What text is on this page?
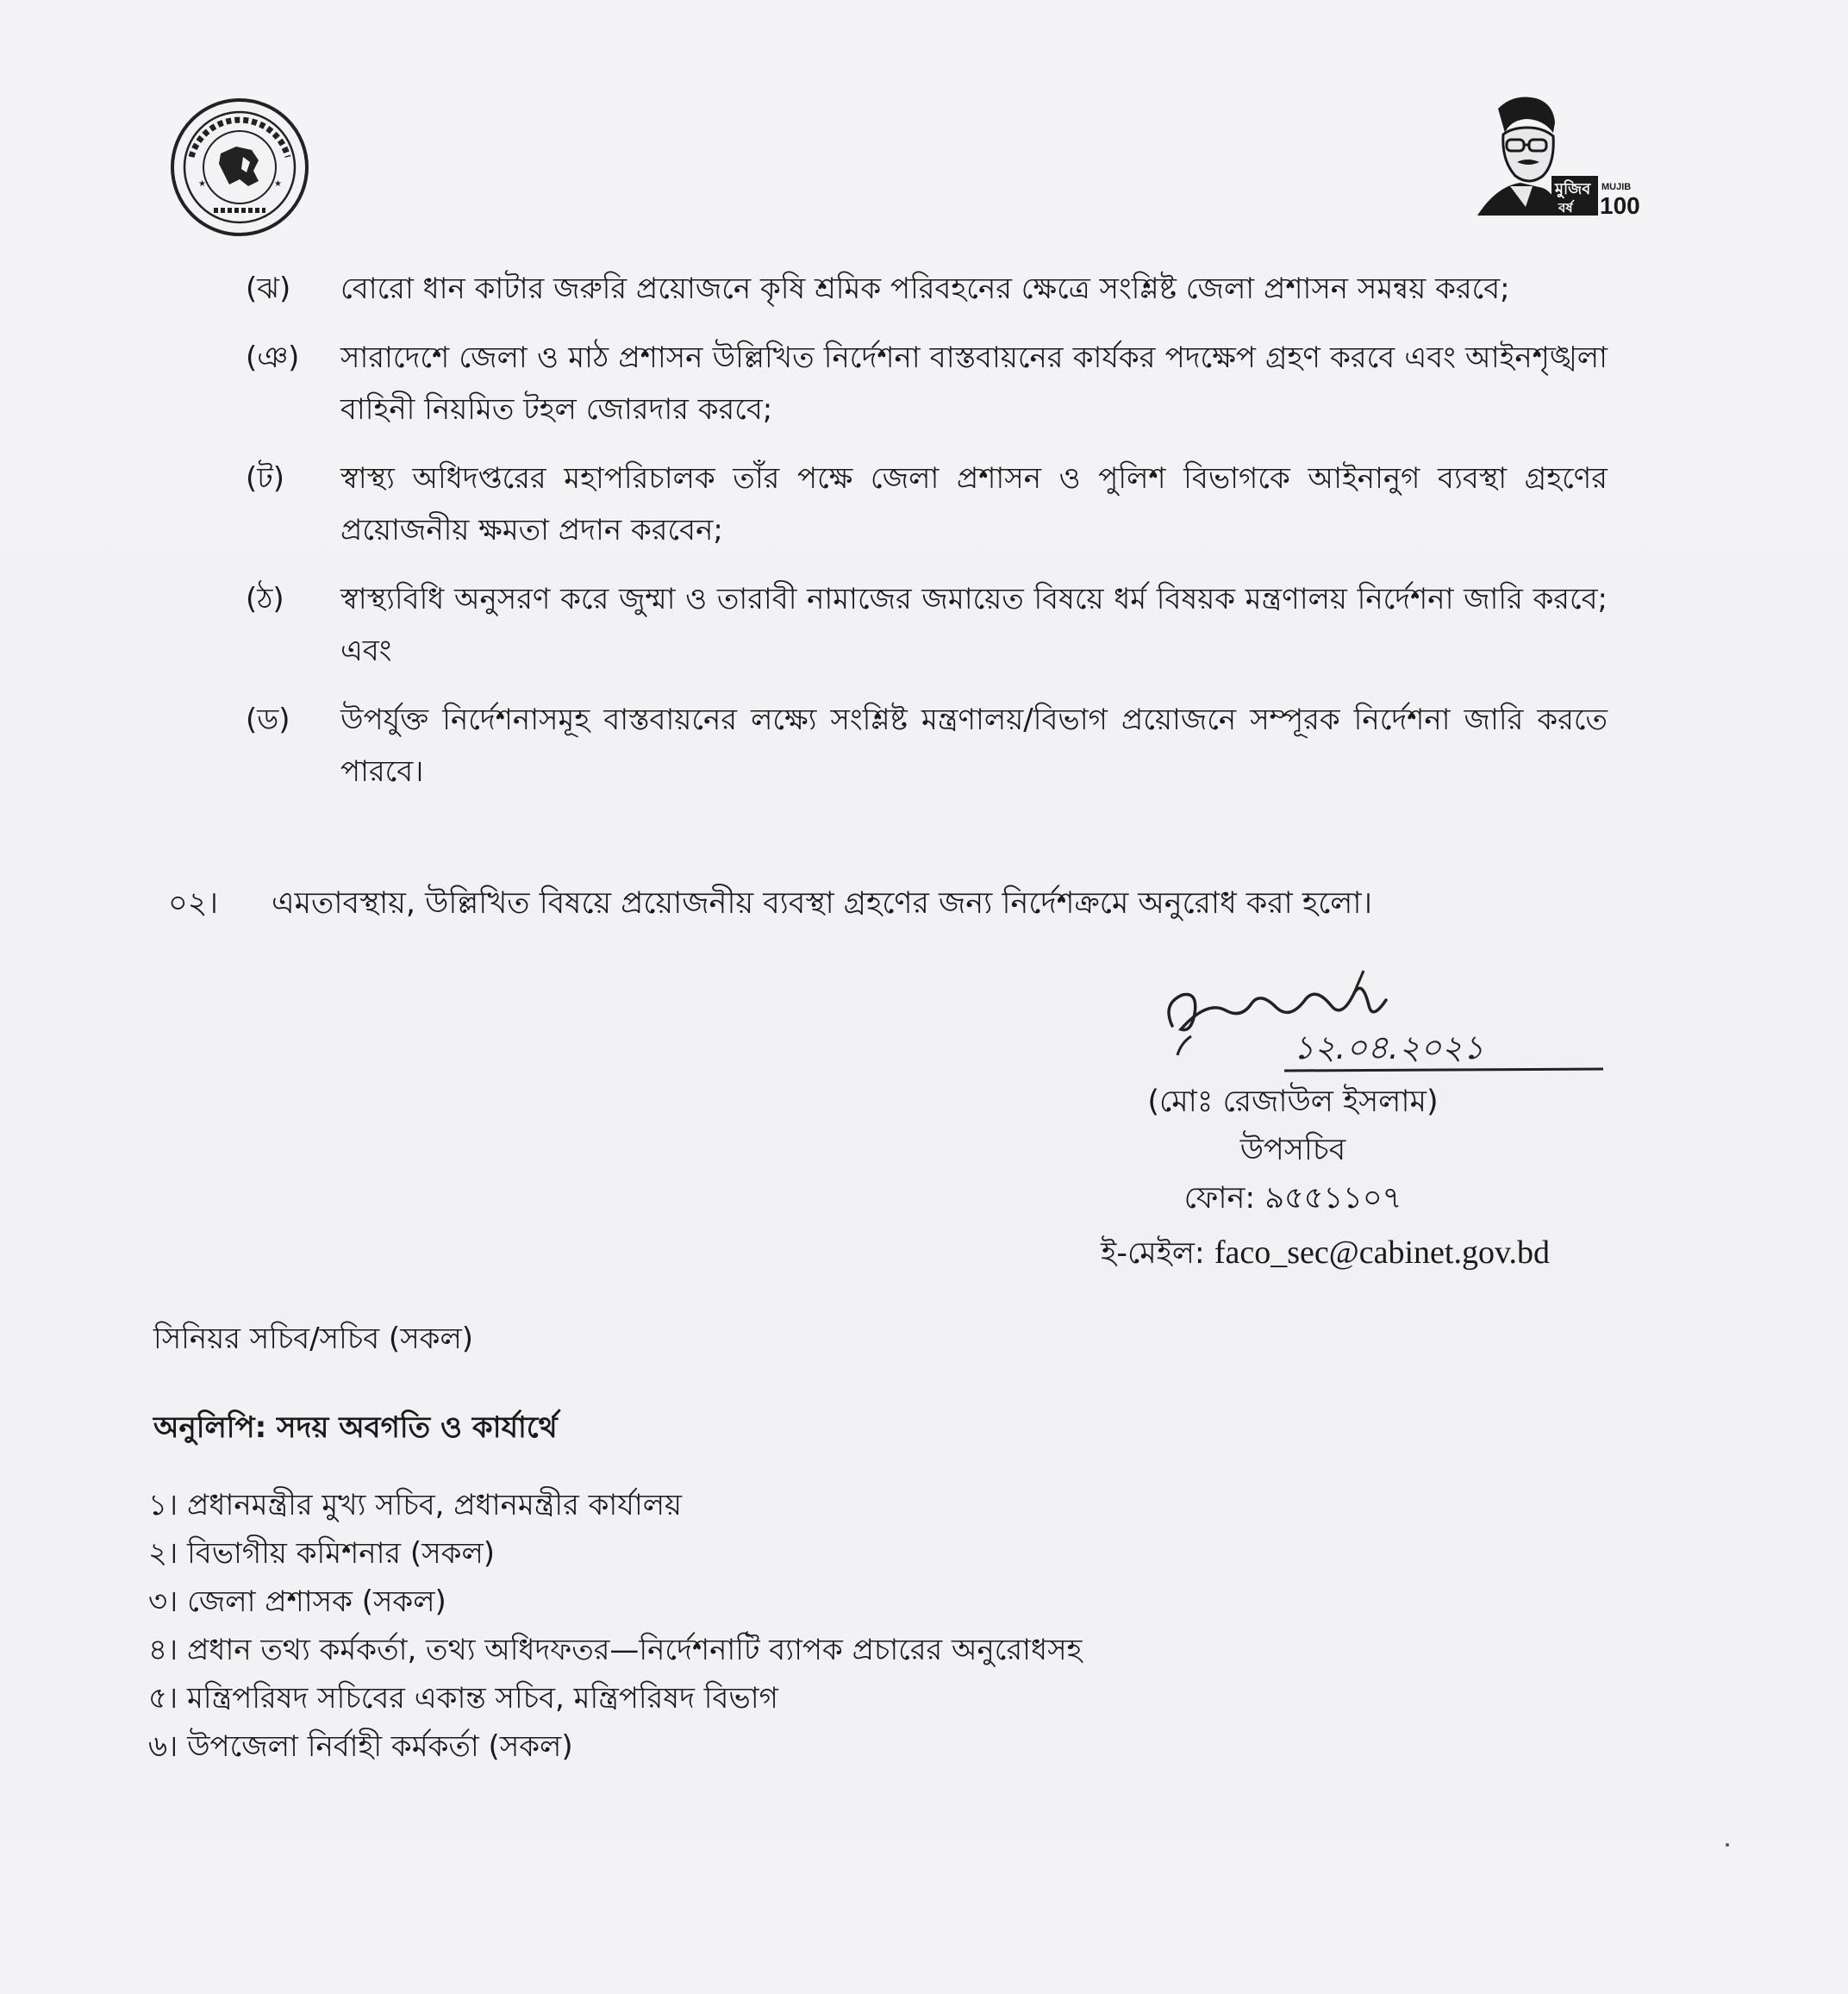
★	★	মুজিব
বর্ষ
MUJIB
100
(ঝ)	বোরো ধান কাটার জরুরি প্রয়োজনে কৃষি শ্রমিক পরিবহনের ক্ষেত্রে সংশ্লিষ্ট জেলা প্রশাসন সমন্বয় করবে;
(ঞ)	সারাদেশে জেলা ও মাঠ প্রশাসন উল্লিখিত নির্দেশনা বাস্তবায়নের কার্যকর পদক্ষেপ গ্রহণ করবে এবং আইনশৃঙ্খলা বাহিনী নিয়মিত টহল জোরদার করবে;
(ট)	স্বাস্থ্য অধিদপ্তরের মহাপরিচালক তাঁর পক্ষে জেলা প্রশাসন ও পুলিশ বিভাগকে আইনানুগ ব্যবস্থা গ্রহণের প্রয়োজনীয় ক্ষমতা প্রদান করবেন;
(ঠ)	স্বাস্থ্যবিধি অনুসরণ করে জুম্মা ও তারাবী নামাজের জমায়েত বিষয়ে ধর্ম বিষয়ক মন্ত্রণালয় নির্দেশনা জারি করবে; এবং
(ড)	উপর্যুক্ত নির্দেশনাসমূহ বাস্তবায়নের লক্ষ্যে সংশ্লিষ্ট মন্ত্রণালয়/বিভাগ প্রয়োজনে সম্পূরক নির্দেশনা জারি করতে পারবে।
০২।	এমতাবস্থায়, উল্লিখিত বিষয়ে প্রয়োজনীয় ব্যবস্থা গ্রহণের জন্য নির্দেশক্রমে অনুরোধ করা হলো।
১২.০৪.২০২১
(মোঃ রেজাউল ইসলাম)
উপসচিব
ফোন: ৯৫৫১১০৭
ই-মেইল: faco_sec@cabinet.gov.bd
সিনিয়র সচিব/সচিব (সকল)
অনুলিপি: সদয় অবগতি ও কার্যার্থে
১। প্রধানমন্ত্রীর মুখ্য সচিব, প্রধানমন্ত্রীর কার্যালয়
২। বিভাগীয় কমিশনার (সকল)
৩। জেলা প্রশাসক (সকল)
৪। প্রধান তথ্য কর্মকর্তা, তথ্য অধিদফতর—নির্দেশনাটি ব্যাপক প্রচারের অনুরোধসহ
৫। মন্ত্রিপরিষদ সচিবের একান্ত সচিব, মন্ত্রিপরিষদ বিভাগ
৬। উপজেলা নির্বাহী কর্মকর্তা (সকল)
